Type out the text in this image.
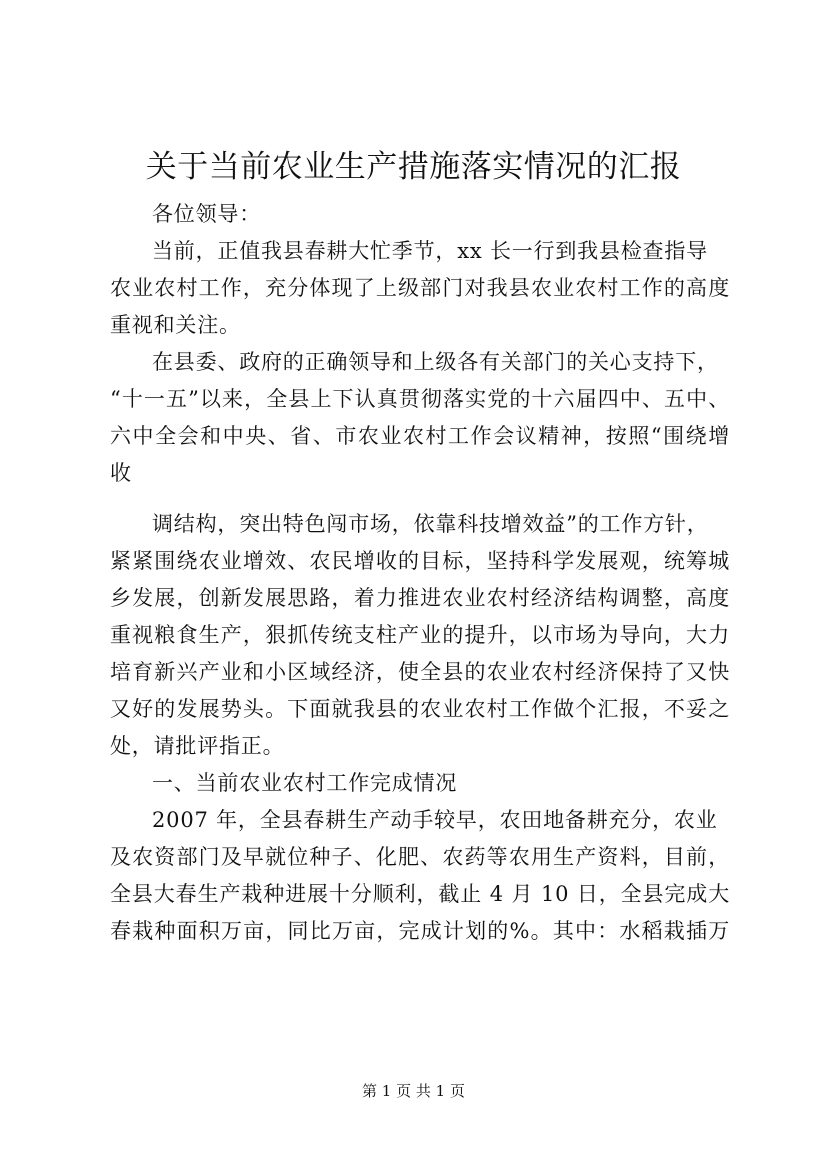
关于当前农业生产措施落实情况的汇报
各位领导：
当前，正值我县春耕大忙季节，xx 长一行到我县检查指导
农业农村工作，充分体现了上级部门对我县农业农村工作的高度
重视和关注。
在县委、政府的正确领导和上级各有关部门的关心支持下，
“十一五”以来，全县上下认真贯彻落实党的十六届四中、五中、
六中全会和中央、省、市农业农村工作会议精神，按照“围绕增
收
调结构，突出特色闯市场，依靠科技增效益”的工作方针，
紧紧围绕农业增效、农民增收的目标，坚持科学发展观，统筹城
乡发展，创新发展思路，着力推进农业农村经济结构调整，高度
重视粮食生产，狠抓传统支柱产业的提升，以市场为导向，大力
培育新兴产业和小区域经济，使全县的农业农村经济保持了又快
又好的发展势头。下面就我县的农业农村工作做个汇报，不妥之
处，请批评指正。
一、当前农业农村工作完成情况
2007 年，全县春耕生产动手较早，农田地备耕充分，农业
及农资部门及早就位种子、化肥、农药等农用生产资料，目前，
全县大春生产栽种进展十分顺利，截止 4 月 10 日，全县完成大
春栽种面积万亩，同比万亩，完成计划的%。其中：水稻栽插万
第 1 页 共 1 页
